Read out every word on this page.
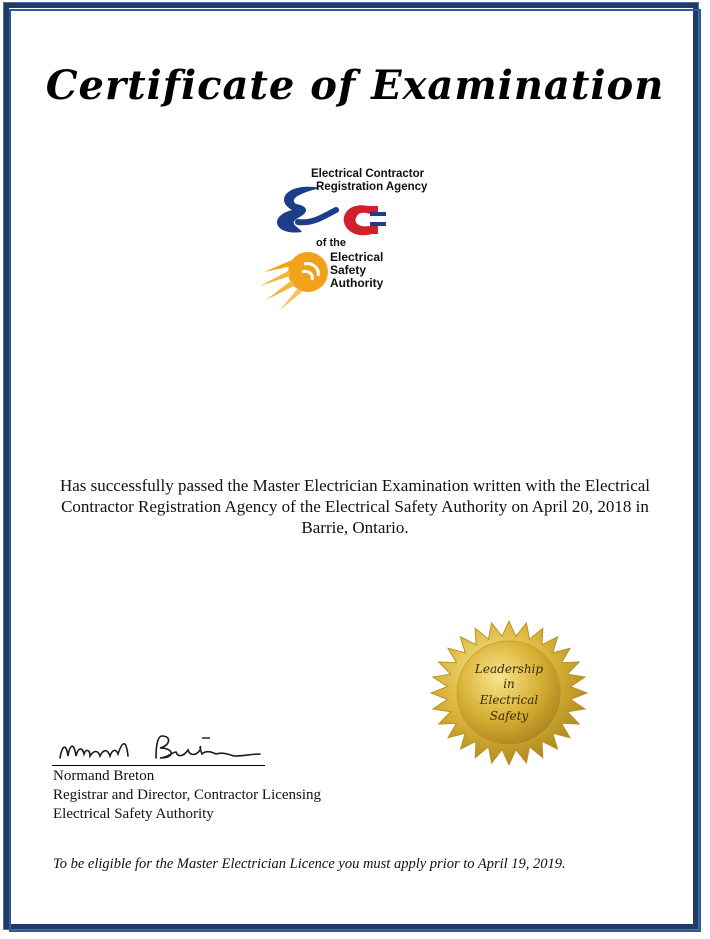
Certificate of Examination
Electrical Contractor
Registration Agency
of the
Electrical
Safety
Authority
Has successfully passed the Master Electrician Examination written with the Electrical Contractor Registration Agency of the Electrical Safety Authority on April 20, 2018 in Barrie, Ontario.
Leadership
in
Electrical
Safety
Normand Breton
Registrar and Director, Contractor Licensing
Electrical Safety Authority
To be eligible for the Master Electrician Licence you must apply prior to April 19, 2019.
